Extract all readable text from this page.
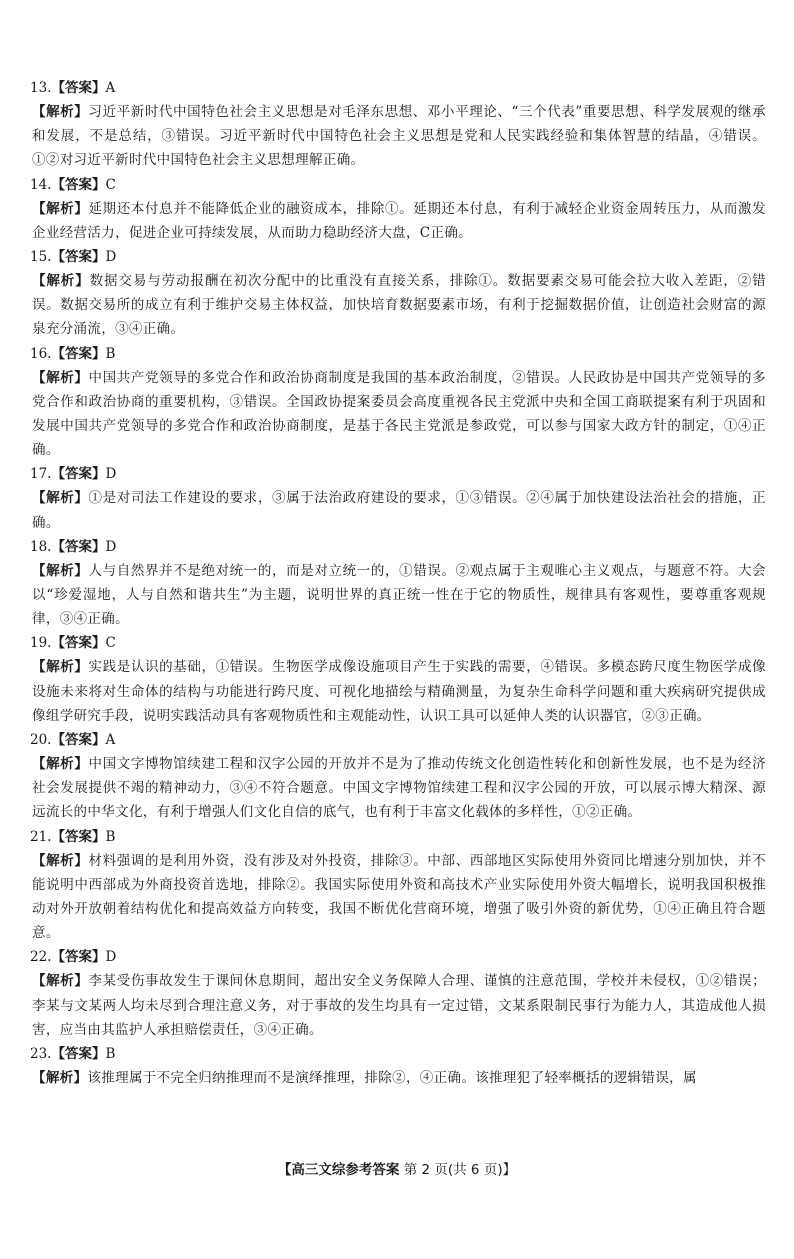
13.【答案】A
【解析】习近平新时代中国特色社会主义思想是对毛泽东思想、邓小平理论、“三个代表”重要思想、科学发展观的继承和发展，不是总结，③错误。习近平新时代中国特色社会主义思想是党和人民实践经验和集体智慧的结晶，④错误。①②对习近平新时代中国特色社会主义思想理解正确。
14.【答案】C
【解析】延期还本付息并不能降低企业的融资成本，排除①。延期还本付息，有利于减轻企业资金周转压力，从而激发企业经营活力，促进企业可持续发展，从而助力稳助经济大盘，C正确。
15.【答案】D
【解析】数据交易与劳动报酬在初次分配中的比重没有直接关系，排除①。数据要素交易可能会拉大收入差距，②错误。数据交易所的成立有利于维护交易主体权益，加快培育数据要素市场，有利于挖掘数据价值，让创造社会财富的源泉充分涌流，③④正确。
16.【答案】B
【解析】中国共产党领导的多党合作和政治协商制度是我国的基本政治制度，②错误。人民政协是中国共产党领导的多党合作和政治协商的重要机构，③错误。全国政协提案委员会高度重视各民主党派中央和全国工商联提案有利于巩固和发展中国共产党领导的多党合作和政治协商制度，是基于各民主党派是参政党，可以参与国家大政方针的制定，①④正确。
17.【答案】D
【解析】①是对司法工作建设的要求，③属于法治政府建设的要求，①③错误。②④属于加快建设法治社会的措施，正确。
18.【答案】D
【解析】人与自然界并不是绝对统一的，而是对立统一的，①错误。②观点属于主观唯心主义观点，与题意不符。大会以“珍爱湿地，人与自然和谐共生”为主题，说明世界的真正统一性在于它的物质性，规律具有客观性，要尊重客观规律，③④正确。
19.【答案】C
【解析】实践是认识的基础，①错误。生物医学成像设施项目产生于实践的需要，④错误。多模态跨尺度生物医学成像设施未来将对生命体的结构与功能进行跨尺度、可视化地描绘与精确测量，为复杂生命科学问题和重大疾病研究提供成像组学研究手段，说明实践活动具有客观物质性和主观能动性，认识工具可以延伸人类的认识器官，②③正确。
20.【答案】A
【解析】中国文字博物馆续建工程和汉字公园的开放并不是为了推动传统文化创造性转化和创新性发展，也不是为经济社会发展提供不竭的精神动力，③④不符合题意。中国文字博物馆续建工程和汉字公园的开放，可以展示博大精深、源远流长的中华文化，有利于增强人们文化自信的底气，也有利于丰富文化载体的多样性，①②正确。
21.【答案】B
【解析】材料强调的是利用外资，没有涉及对外投资，排除③。中部、西部地区实际使用外资同比增速分别加快，并不能说明中西部成为外商投资首选地，排除②。我国实际使用外资和高技术产业实际使用外资大幅增长，说明我国积极推动对外开放朝着结构优化和提高效益方向转变，我国不断优化营商环境，增强了吸引外资的新优势，①④正确且符合题意。
22.【答案】D
【解析】李某受伤事故发生于课间休息期间，超出安全义务保障人合理、谨慎的注意范围，学校并未侵权，①②错误；李某与文某两人均未尽到合理注意义务，对于事故的发生均具有一定过错，文某系限制民事行为能力人，其造成他人损害，应当由其监护人承担赔偿责任，③④正确。
23.【答案】B
【解析】该推理属于不完全归纳推理而不是演绎推理，排除②，④正确。该推理犯了轻率概括的逻辑错误，属
【高三文综参考答案 第 2 页(共 6 页)】
